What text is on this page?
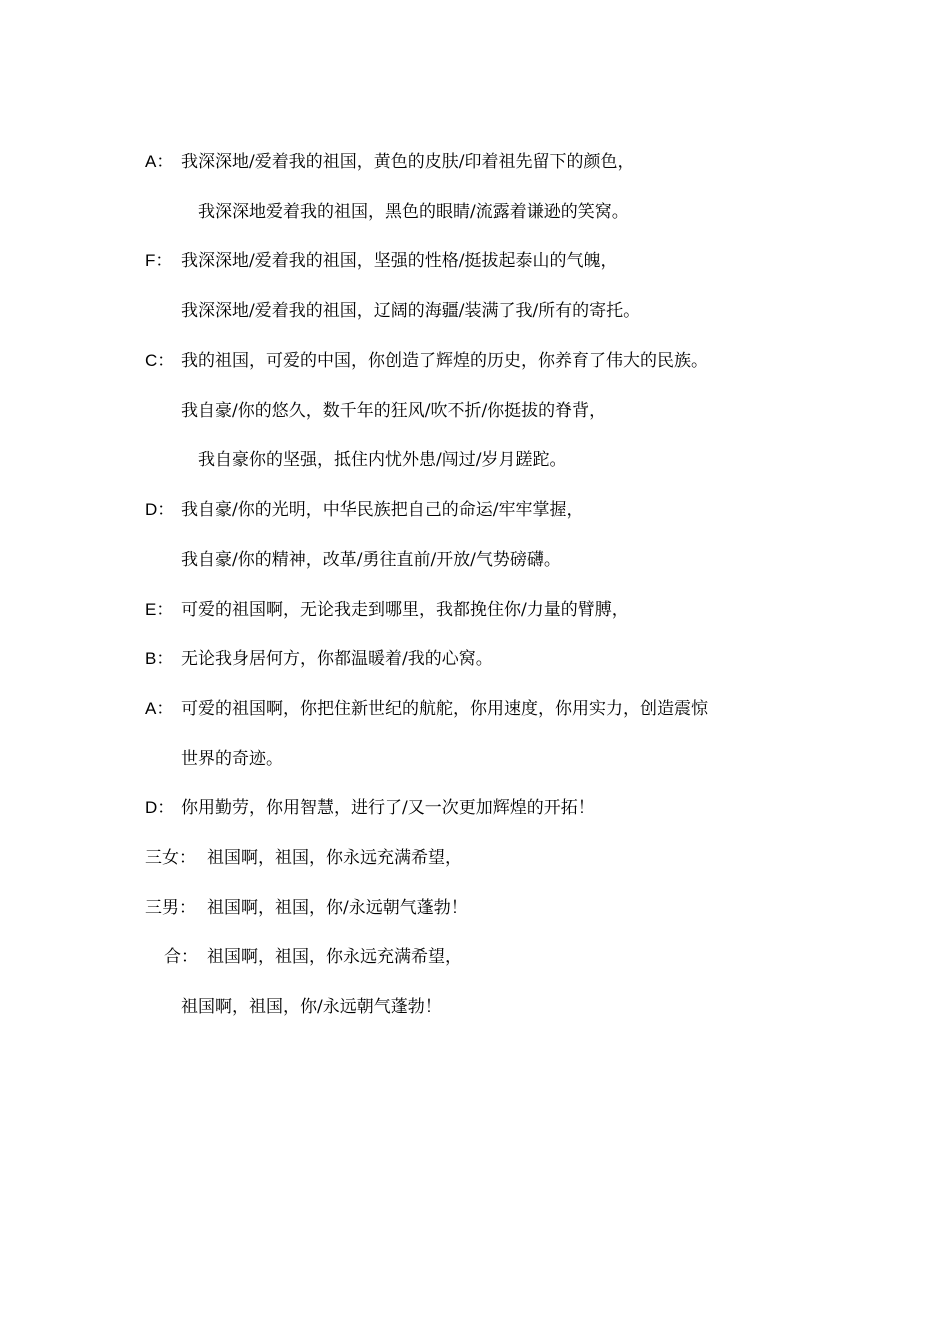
A： 我深深地/爱着我的祖国，黄色的皮肤/印着祖先留下的颜色，
我深深地爱着我的祖国，黑色的眼睛/流露着谦逊的笑窝。
F： 我深深地/爱着我的祖国，坚强的性格/挺拔起泰山的气魄，
我深深地/爱着我的祖国，辽阔的海疆/装满了我/所有的寄托。
C： 我的祖国，可爱的中国，你创造了辉煌的历史，你养育了伟大的民族。
我自豪/你的悠久，数千年的狂风/吹不折/你挺拔的脊背，
我自豪你的坚强，抵住内忧外患/闯过/岁月蹉跎。
D： 我自豪/你的光明，中华民族把自己的命运/牢牢掌握，
我自豪/你的精神，改革/勇往直前/开放/气势磅礴。
E： 可爱的祖国啊，无论我走到哪里，我都挽住你/力量的臂膊，
B： 无论我身居何方，你都温暖着/我的心窝。
A： 可爱的祖国啊，你把住新世纪的航舵，你用速度，你用实力，创造震惊
世界的奇迹。
D： 你用勤劳，你用智慧，进行了/又一次更加辉煌的开拓！
三女： 祖国啊，祖国，你永远充满希望，
三男： 祖国啊，祖国，你/永远朝气蓬勃！
合： 祖国啊，祖国，你永远充满希望，
祖国啊，祖国，你/永远朝气蓬勃！
